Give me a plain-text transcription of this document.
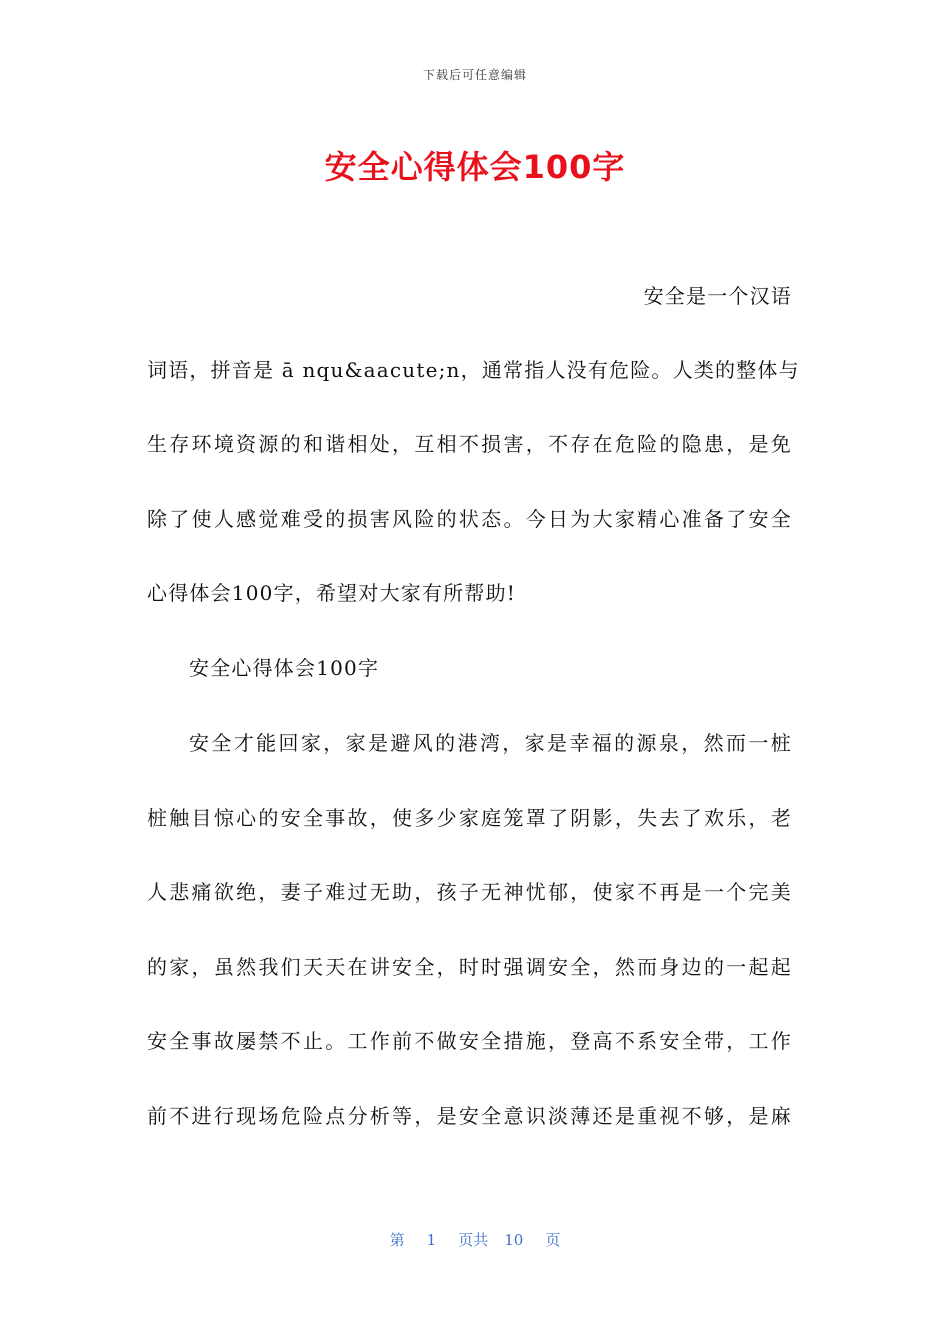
下载后可任意编辑
安全心得体会100字
安全是一个汉语
词语，拼音是 ā nqu&aacute;n，通常指人没有危险。人类的整体与
生存环境资源的和谐相处，互相不损害，不存在危险的隐患，是免
除了使人感觉难受的损害风险的状态。今日为大家精心准备了安全
心得体会100字，希望对大家有所帮助!
安全心得体会100字
安全才能回家，家是避风的港湾，家是幸福的源泉，然而一桩
桩触目惊心的安全事故，使多少家庭笼罩了阴影，失去了欢乐，老
人悲痛欲绝，妻子难过无助，孩子无神忧郁，使家不再是一个完美
的家，虽然我们天天在讲安全，时时强调安全，然而身边的一起起
安全事故屡禁不止。工作前不做安全措施，登高不系安全带，工作
前不进行现场危险点分析等，是安全意识淡薄还是重视不够，是麻
第 1 页共 10 页
